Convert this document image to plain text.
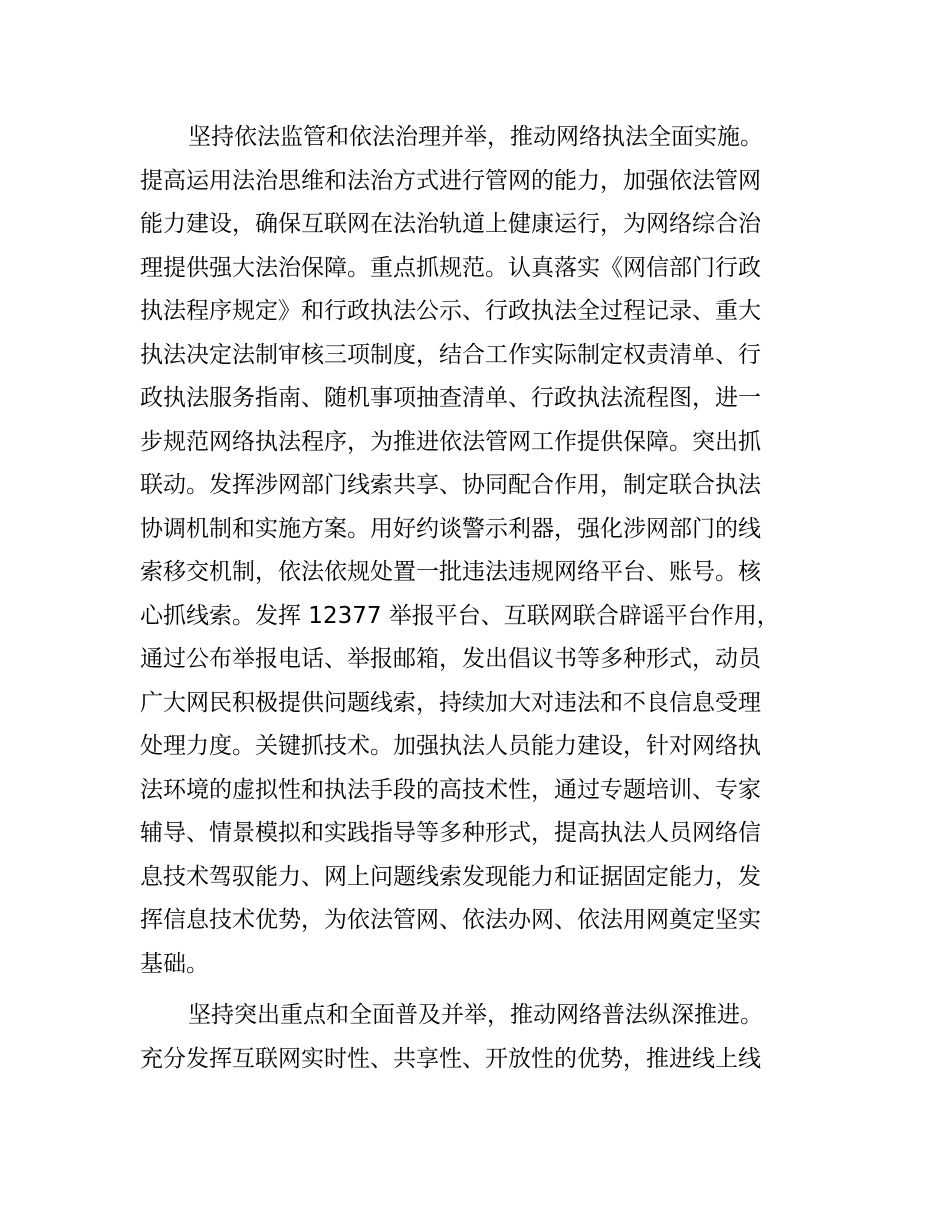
坚持依法监管和依法治理并举，推动网络执法全面实施。
提高运用法治思维和法治方式进行管网的能力，加强依法管网
能力建设，确保互联网在法治轨道上健康运行，为网络综合治
理提供强大法治保障。重点抓规范。认真落实《网信部门行政
执法程序规定》和行政执法公示、行政执法全过程记录、重大
执法决定法制审核三项制度，结合工作实际制定权责清单、行
政执法服务指南、随机事项抽查清单、行政执法流程图，进一
步规范网络执法程序，为推进依法管网工作提供保障。突出抓
联动。发挥涉网部门线索共享、协同配合作用，制定联合执法
协调机制和实施方案。用好约谈警示利器，强化涉网部门的线
索移交机制，依法依规处置一批违法违规网络平台、账号。核
心抓线索。发挥 12377 举报平台、互联网联合辟谣平台作用，
通过公布举报电话、举报邮箱，发出倡议书等多种形式，动员
广大网民积极提供问题线索，持续加大对违法和不良信息受理
处理力度。关键抓技术。加强执法人员能力建设，针对网络执
法环境的虚拟性和执法手段的高技术性，通过专题培训、专家
辅导、情景模拟和实践指导等多种形式，提高执法人员网络信
息技术驾驭能力、网上问题线索发现能力和证据固定能力，发
挥信息技术优势，为依法管网、依法办网、依法用网奠定坚实
基础。
坚持突出重点和全面普及并举，推动网络普法纵深推进。
充分发挥互联网实时性、共享性、开放性的优势，推进线上线
